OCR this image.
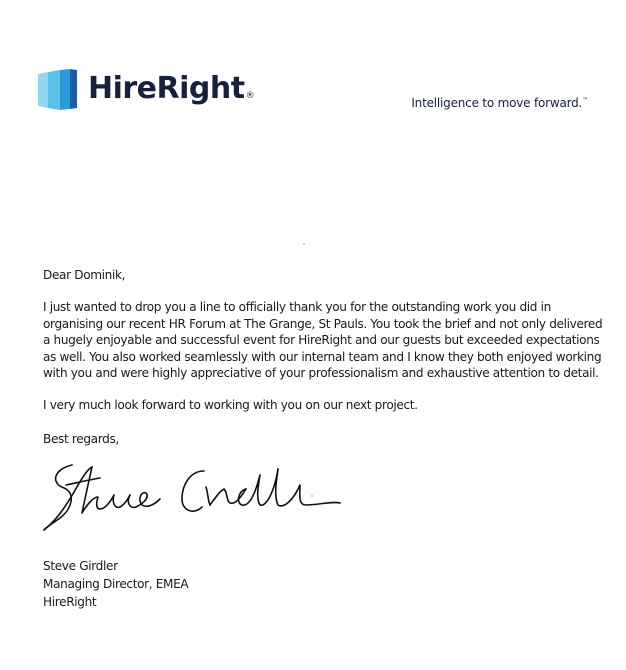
HireRight®	Intelligence to move forward.™

Dear Dominik,

I just wanted to drop you a line to officially thank you for the outstanding work you did in organising our recent HR Forum at The Grange, St Pauls. You took the brief and not only delivered a hugely enjoyable and successful event for HireRight and our guests but exceeded expectations as well. You also worked seamlessly with our internal team and I know they both enjoyed working with you and were highly appreciative of your professionalism and exhaustive attention to detail.

I very much look forward to working with you on our next project.

Best regards,

Steve Girdler
Managing Director, EMEA
HireRight
